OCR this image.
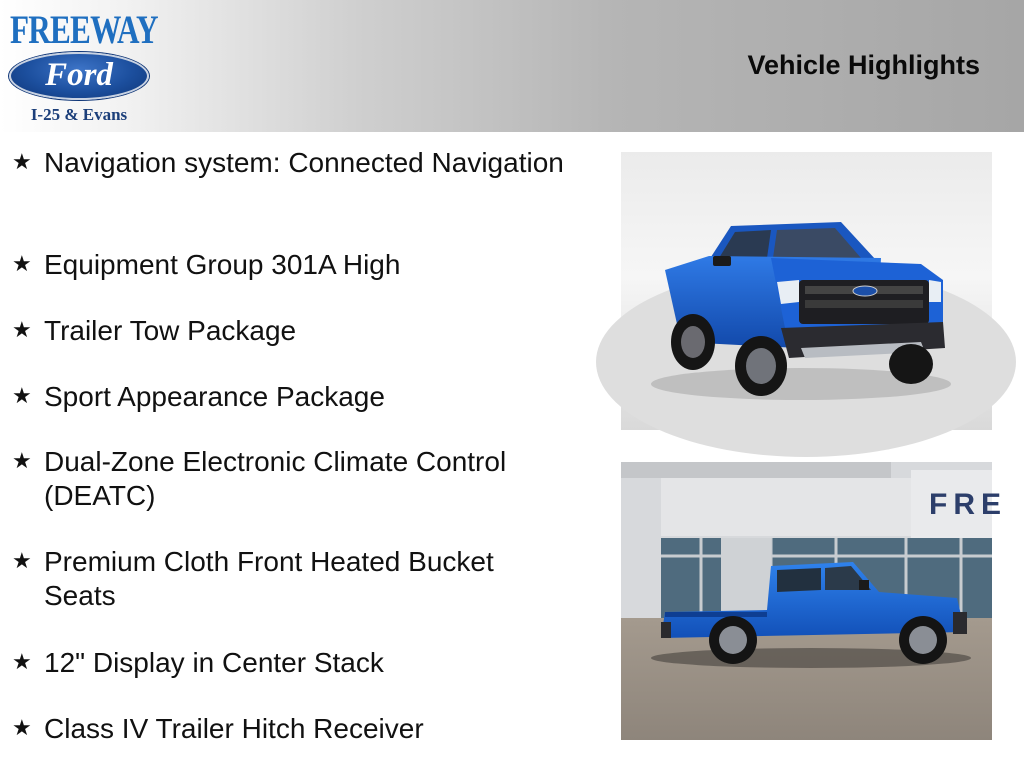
FREEWAY
Ford
I-25 & Evans
Vehicle Highlights
★ Navigation system: Connected Navigation
★ Equipment Group 301A High
★ Trailer Tow Package
★ Sport Appearance Package
★ Dual-Zone Electronic Climate Control (DEATC)
★ Premium Cloth Front Heated Bucket Seats
★ 12" Display in Center Stack
★ Class IV Trailer Hitch Receiver
FRE
